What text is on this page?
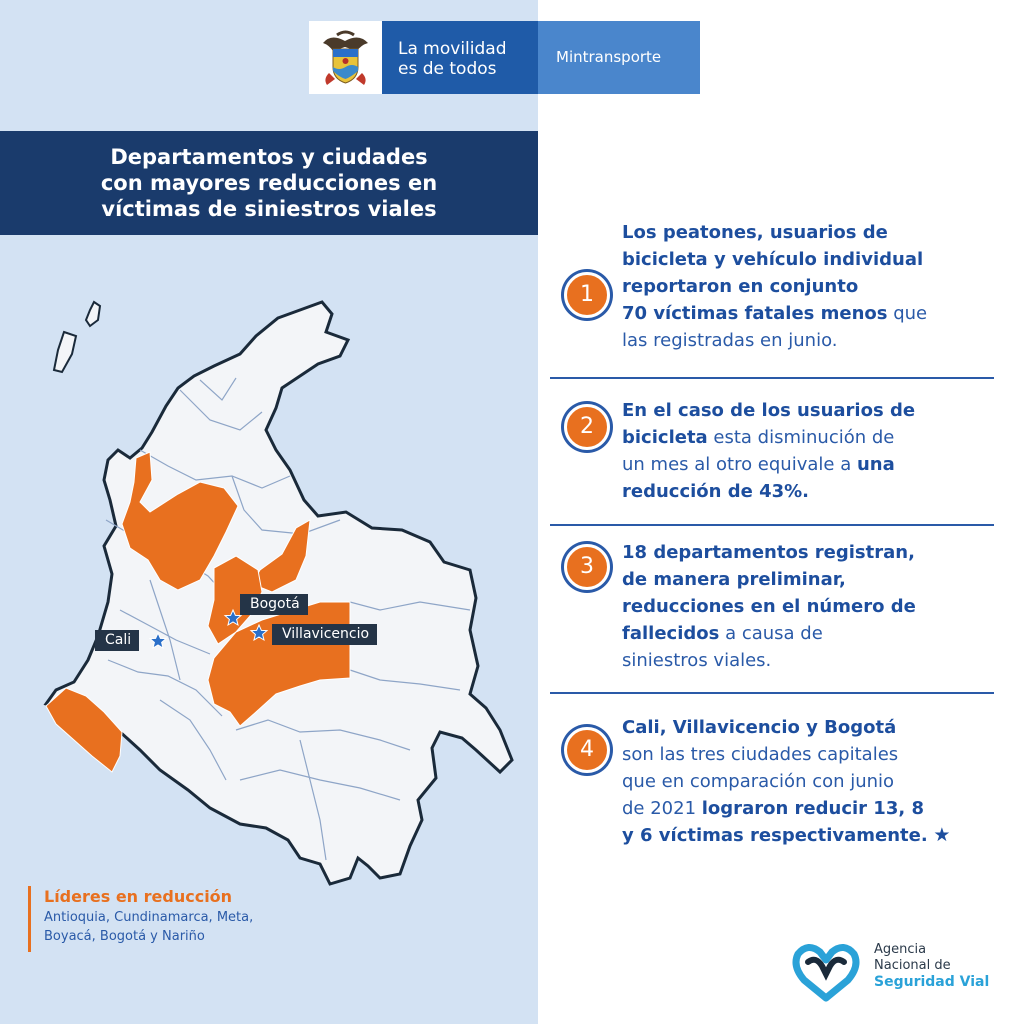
La movilidad
es de todos
Mintransporte
Departamentos y ciudades
con mayores reducciones en
víctimas de siniestros viales
Bogotá
Villavicencio
Cali
Líderes en reducción
Antioquia, Cundinamarca, Meta,
Boyacá, Bogotá y Nariño
1
Los peatones, usuarios de
bicicleta y vehículo individual
reportaron en conjunto
70 víctimas fatales menos que
las registradas en junio.
2
En el caso de los usuarios de
bicicleta esta disminución de
un mes al otro equivale a una
reducción de 43%.
3
18 departamentos registran,
de manera preliminar,
reducciones en el número de
fallecidos a causa de
siniestros viales.
4
Cali, Villavicencio y Bogotá
son las tres ciudades capitales
que en comparación con junio
de 2021 lograron reducir 13, 8
y 6 víctimas respectivamente. ★
Agencia
Nacional de
Seguridad Vial
